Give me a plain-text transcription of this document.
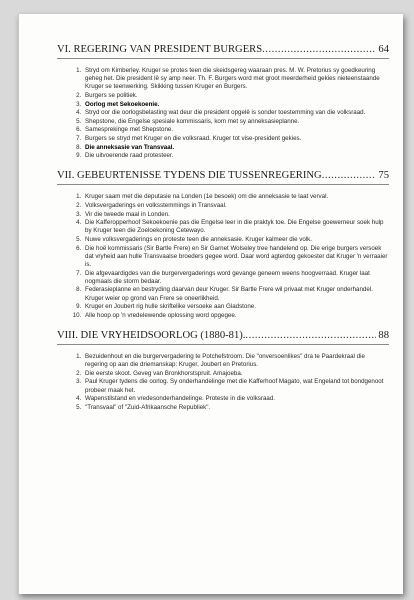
VI. REGERING VAN PRESIDENT BURGERS .....	64
1. Stryd om Kimberley. Kruger se protes teen die skeidsgereg waaraan pres. M. W. Pretorius sy goedkeuring geheg het. Die president lê sy amp neer. Th. F. Burgers word met groot meerderheid gekies nieteenstaande Kruger se teenwerking. Skikking tussen Kruger en Burgers.
2. Burgers se politiek.
3. Oorlog met Sekoekoenie.
4. Stryd oor die oorlogsbelasting wat deur die president opgelê is sonder toestemming van die volksraad.
5. Shepstone, die Engelse spesiale kommissaris, kom met sy anneksasieplanne.
6. Samesprekinge met Shepstone.
7. Burgers se stryd met Kruger en die volksraad. Kruger tot vise-president gekies.
8. Die anneksasie van Transvaal.
9. Die uitvoerende raad protesteer.
VII. GEBEURTENISSE TYDENS DIE TUSSENREGERING .....	75
1. Kruger saam met die deputasie na Londen (1e besoek) om die anneksasie te laat verval.
2. Volksvergaderings en volksstemmings in Transvaal.
3. Vir die tweede maal in Londen.
4. Die Kafferopperhoof Sekoekoenie pas die Engelse leer in die praktyk toe. Die Engelse goewerneur soek hulp by Kruger teen die Zoeloekoning Cetewayo.
5. Nuwe volksvergaderings en proteste teen die anneksasie. Kruger kalmeer die volk.
6. Die hoë kommissaris (Sir Bartle Frere) en Sir Garnet Wolseley tree handelend op. Die erige burgers versoek dat vryheid aan hulle Transvaalse broeders gegee word. Daar word agterdog gekoester dat Kruger 'n verraaier is.
7. Die afgevaardigdes van die burgervergaderings word gevange geneem weens hoogverraad. Kruger laat nogmaals die storm bedaar.
8. Federasieplanne en bestryding daarvan deur Kruger. Sir Bartle Frere wil privaat met Kruger onderhandel. Kruger weier op grond van Frere se oneerlikheid.
9. Kruger en Joubert rig hulle skriftelike versoeke aan Gladstone.
10. Alle hoop op 'n vredelewende oplossing word opgegee.
VIII. DIE VRYHEIDSOORLOG (1880-81). .....	88
1. Bezuidenhout en die burgervergadering te Potchefstroom. Die "onversoenlikes" dra te Paardekraal die regering op aan die driemanskap: Kruger, Joubert en Pretorius.
2. Die eerste skoot. Geveg van Bronkhorstspruit. Amajoeba.
3. Paul Kruger tydens die oorlog. Sy onderhandelinge met die Kafferhoof Magato, wat Engeland tot bondgenoot probeer maak het.
4. Wapenstilstand en vredesonderhandelinge. Proteste in die volksraad.
5. "Transvaal" of "Zuid-Afrikaansche Republiek".
